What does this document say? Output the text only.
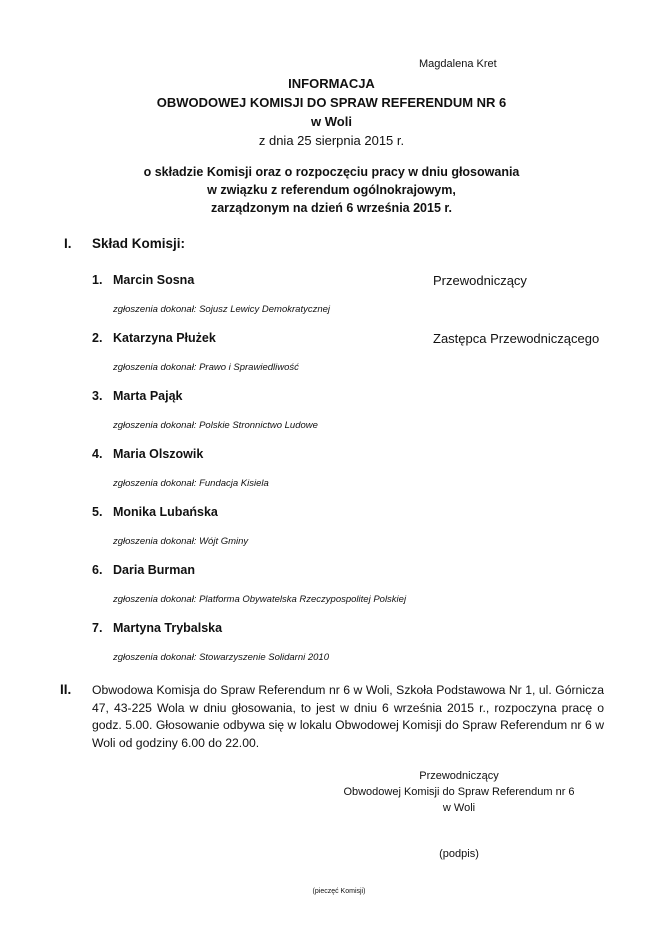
Magdalena Kret
INFORMACJA
OBWODOWEJ KOMISJI DO SPRAW REFERENDUM NR 6
w Woli
z dnia 25 sierpnia 2015 r.
o składzie Komisji oraz o rozpoczęciu pracy w dniu głosowania
w związku z referendum ogólnokrajowym,
zarządzonym na dzień 6 września 2015 r.
I. Skład Komisji:
1. Marcin Sosna	Przewodniczący
zgłoszenia dokonał: Sojusz Lewicy Demokratycznej
2. Katarzyna Płużek	Zastępca Przewodniczącego
zgłoszenia dokonał: Prawo i Sprawiedliwość
3. Marta Pająk
zgłoszenia dokonał: Polskie Stronnictwo Ludowe
4. Maria Olszowik
zgłoszenia dokonał: Fundacja Kisiela
5. Monika Lubańska
zgłoszenia dokonał: Wójt Gminy
6. Daria Burman
zgłoszenia dokonał: Platforma Obywatelska Rzeczypospolitej Polskiej
7. Martyna Trybalska
zgłoszenia dokonał: Stowarzyszenie Solidarni 2010
II. Obwodowa Komisja do Spraw Referendum nr 6 w Woli, Szkoła Podstawowa Nr 1, ul. Górnicza 47, 43-225 Wola w dniu głosowania, to jest w dniu 6 września 2015 r., rozpoczyna pracę o godz. 5.00. Głosowanie odbywa się w lokalu Obwodowej Komisji do Spraw Referendum nr 6 w Woli od godziny 6.00 do 22.00.
Przewodniczący
Obwodowej Komisji do Spraw Referendum nr 6
w Woli
(podpis)
(pieczęć Komisji)
